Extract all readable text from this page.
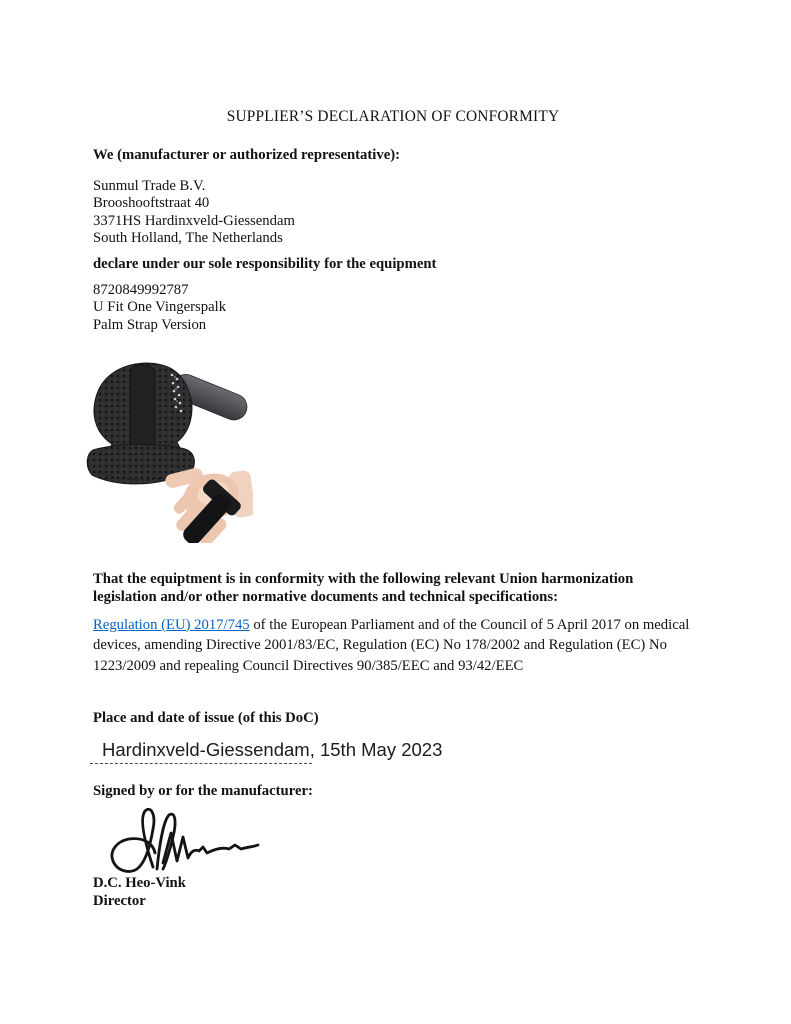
SUPPLIER’S DECLARATION OF CONFORMITY

We (manufacturer or authorized representative):

Sunmul Trade B.V.
Brooshooftstraat 40
3371HS Hardinxveld-Giessendam
South Holland, The Netherlands

declare under our sole responsibility for the equipment

8720849992787
U Fit One Vingerspalk
Palm Strap Version

That the equiptment is in conformity with the following relevant Union harmonization legislation and/or other normative documents and technical specifications:

Regulation (EU) 2017/745 of the European Parliament and of the Council of 5 April 2017 on medical devices, amending Directive 2001/83/EC, Regulation (EC) No 178/2002 and Regulation (EC) No 1223/2009 and repealing Council Directives 90/385/EEC and 93/42/EEC

Place and date of issue (of this DoC)

Hardinxveld-Giessendam, 15th May 2023

Signed by or for the manufacturer:

D.C. Heo-Vink
Director
